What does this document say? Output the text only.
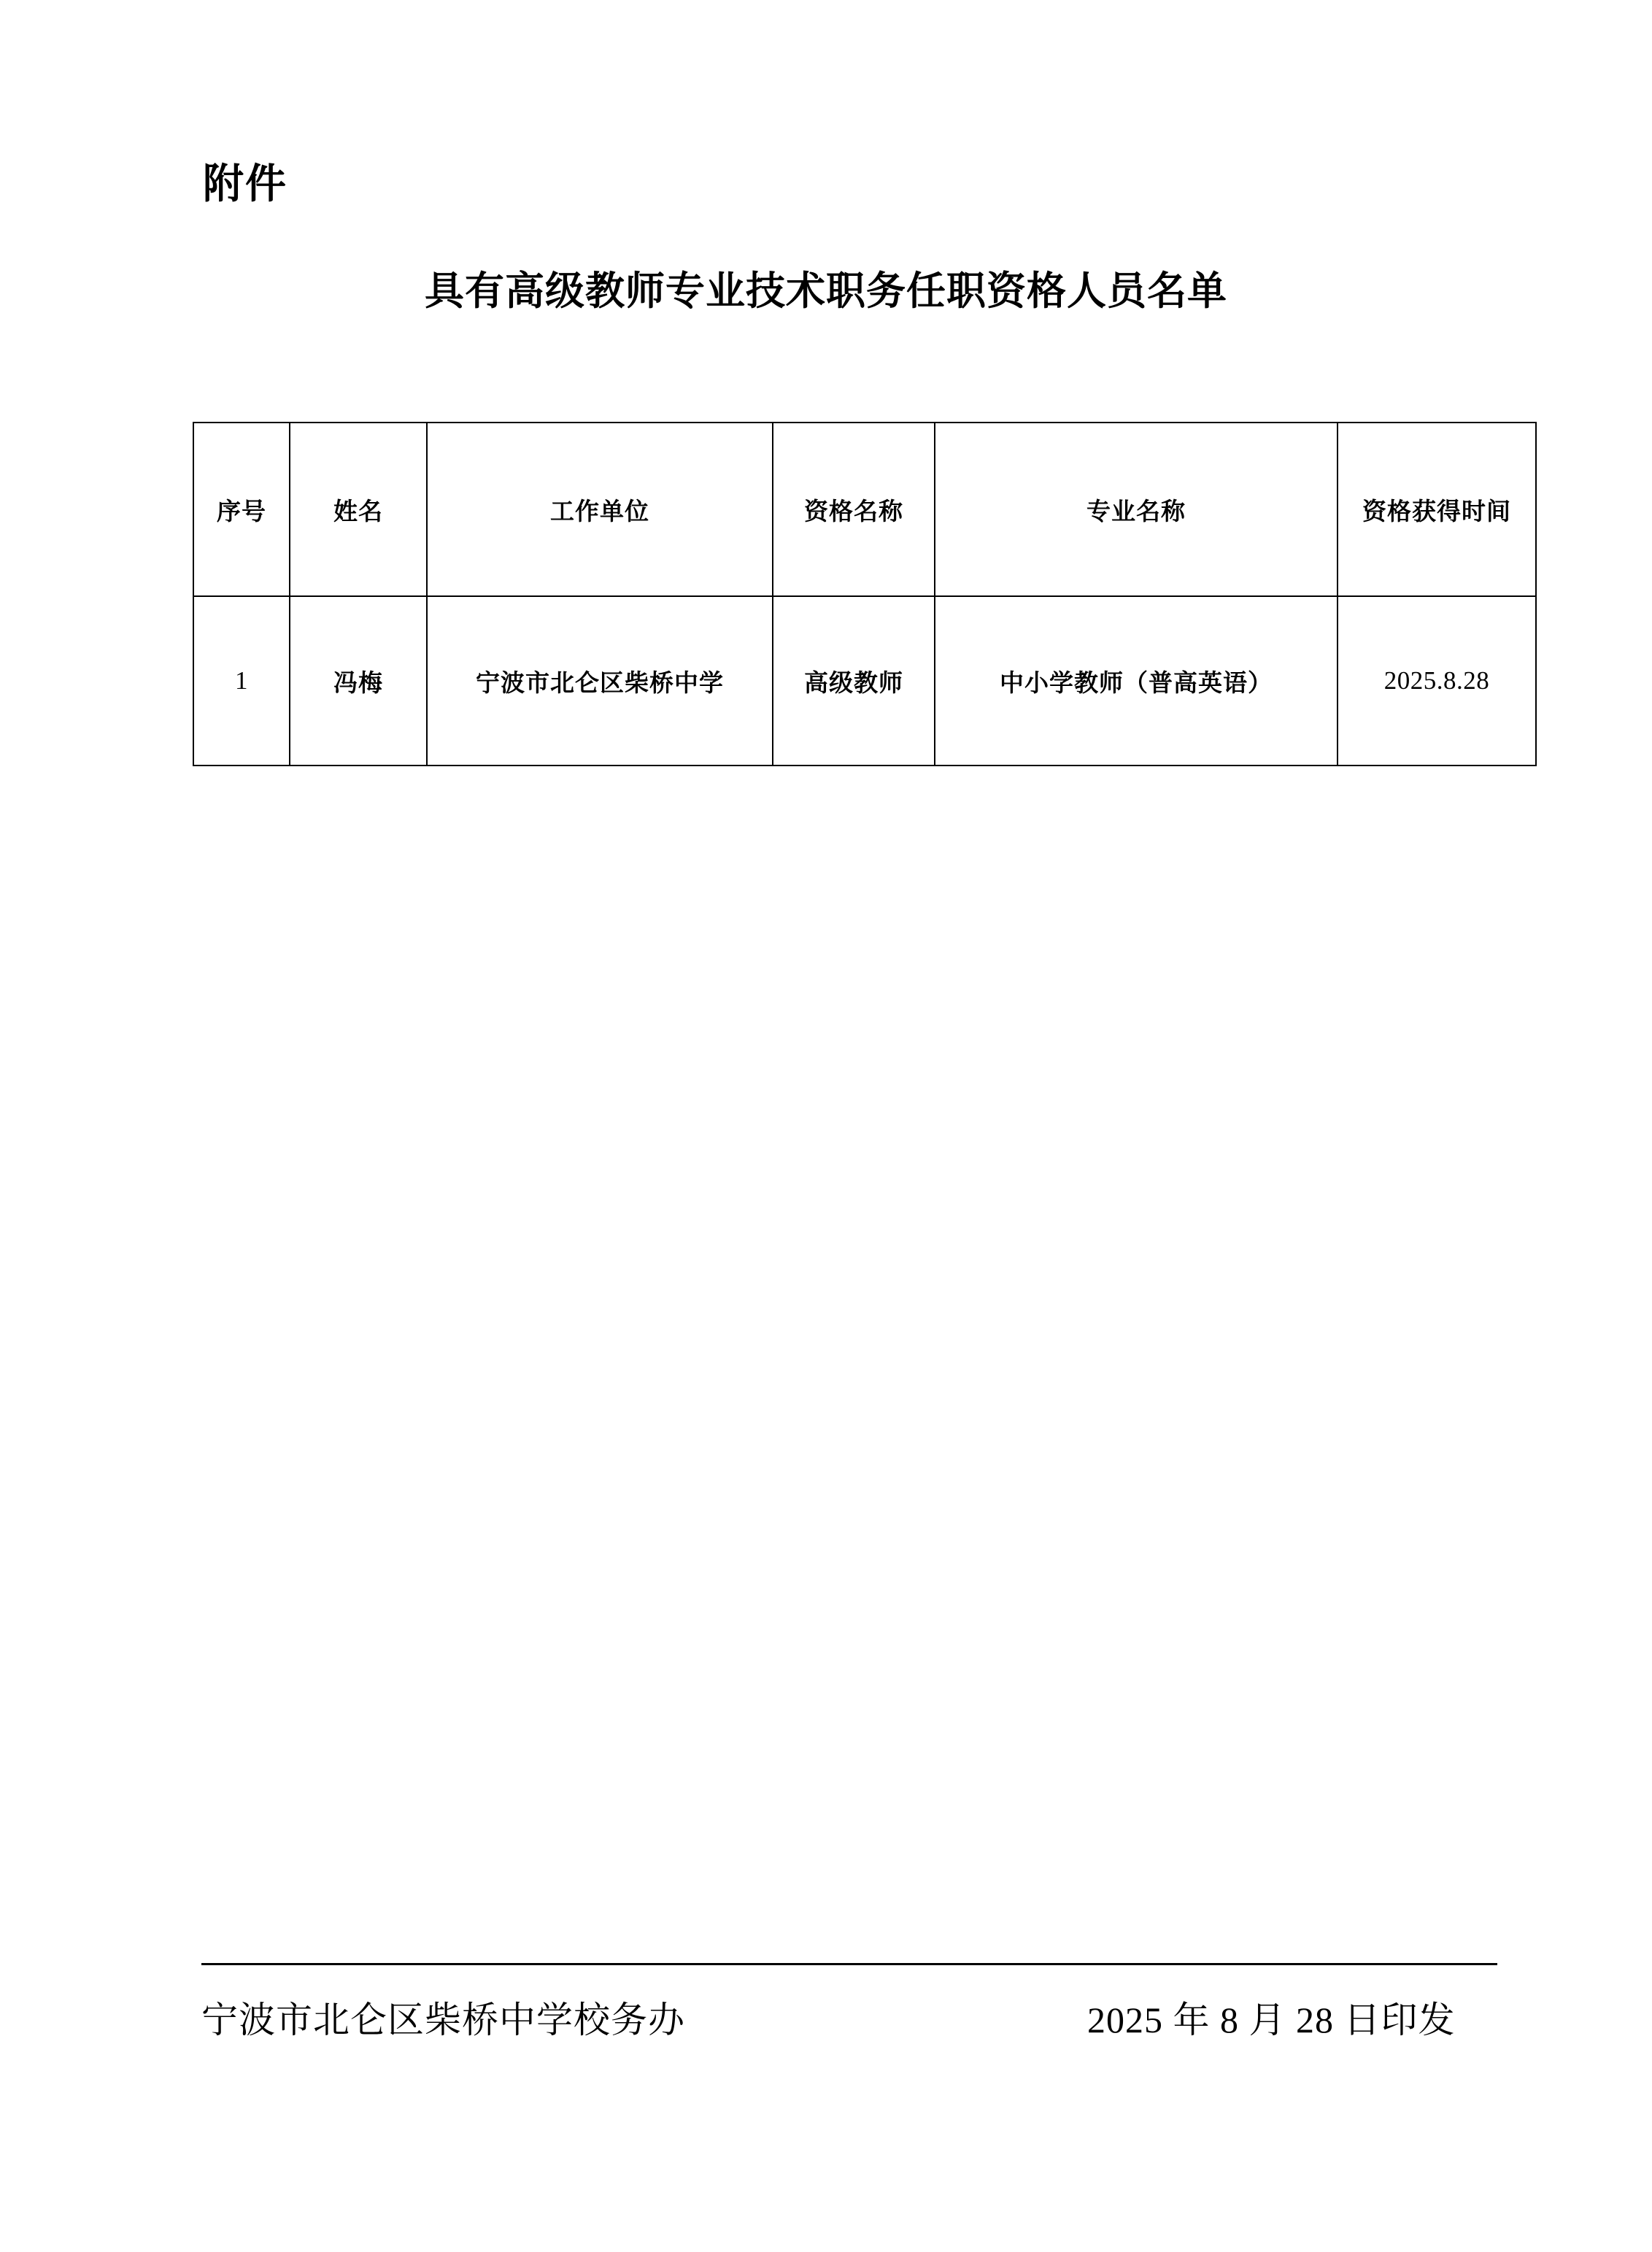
附件
具有高级教师专业技术职务任职资格人员名单
序号	姓名	工作单位	资格名称	专业名称	资格获得时间
1	冯梅	宁波市北仑区柴桥中学	高级教师	中小学教师（普高英语）	2025.8.28
宁波市北仑区柴桥中学校务办	2025 年 8 月 28 日印发
